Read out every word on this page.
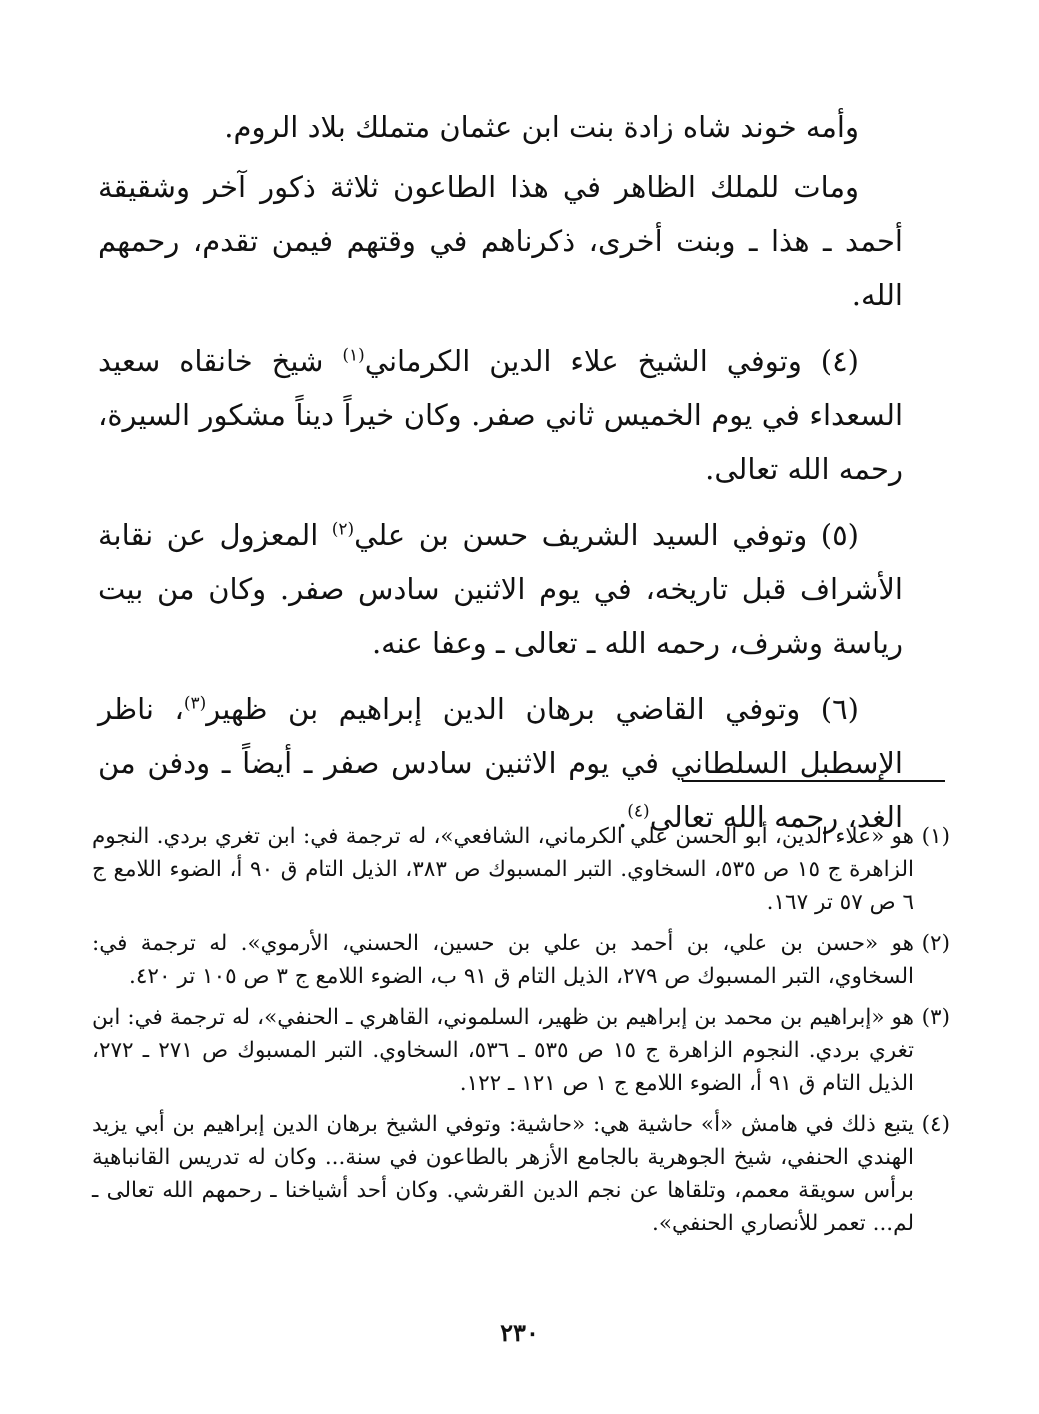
وأمه خوند شاه زادة بنت ابن عثمان متملك بلاد الروم.

ومات للملك الظاهر في هذا الطاعون ثلاثة ذكور آخر وشقيقة أحمد ـ هذا ـ وبنت أخرى، ذكرناهم في وقتهم فيمن تقدم، رحمهم الله.

(٤) وتوفي الشيخ علاء الدين الكرماني$^{(١)}$ شيخ خانقاه سعيد السعداء في يوم الخميس ثاني صفر. وكان خيراً ديناً مشكور السيرة، رحمه الله تعالى.

(٥) وتوفي السيد الشريف حسن بن علي$^{(٢)}$ المعزول عن نقابة الأشراف قبل تاريخه، في يوم الاثنين سادس صفر. وكان من بيت رياسة وشرف، رحمه الله ـ تعالى ـ وعفا عنه.

(٦) وتوفي القاضي برهان الدين إبراهيم بن ظهير$^{(٣)}$، ناظر الإسطبل السلطاني في يوم الاثنين سادس صفر ـ أيضاً ـ ودفن من الغد، رحمه الله تعالى$^{(٤)}$.

(١)
هو «علاء الدين، أبو الحسن علي الكرماني، الشافعي»، له ترجمة في: ابن تغري بردي. النجوم الزاهرة ج ١٥ ص ٥٣٥، السخاوي. التبر المسبوك ص ٣٨٣، الذيل التام ق ٩٠ أ، الضوء اللامع ج ٦ ص ٥٧ تر ١٦٧.
(٢)
هو «حسن بن علي، بن أحمد بن علي بن حسين، الحسني، الأرموي». له ترجمة في: السخاوي، التبر المسبوك ص ٢٧٩، الذيل التام ق ٩١ ب، الضوء اللامع ج ٣ ص ١٠٥ تر ٤٢٠.
(٣)
هو «إبراهيم بن محمد بن إبراهيم بن ظهير، السلموني، القاهري ـ الحنفي»، له ترجمة في: ابن تغري بردي. النجوم الزاهرة ج ١٥ ص ٥٣٥ ـ ٥٣٦، السخاوي. التبر المسبوك ص ٢٧١ ـ ٢٧٢، الذيل التام ق ٩١ أ، الضوء اللامع ج ١ ص ١٢١ ـ ١٢٢.
(٤)
يتبع ذلك في هامش «أ» حاشية هي: «حاشية: وتوفي الشيخ برهان الدين إبراهيم بن أبي يزيد الهندي الحنفي، شيخ الجوهرية بالجامع الأزهر بالطاعون في سنة... وكان له تدريس القانباهية برأس سويقة معمم، وتلقاها عن نجم الدين القرشي. وكان أحد أشياخنا ـ رحمهم الله تعالى ـ لم... تعمر للأنصاري الحنفي».
٢٣٠
